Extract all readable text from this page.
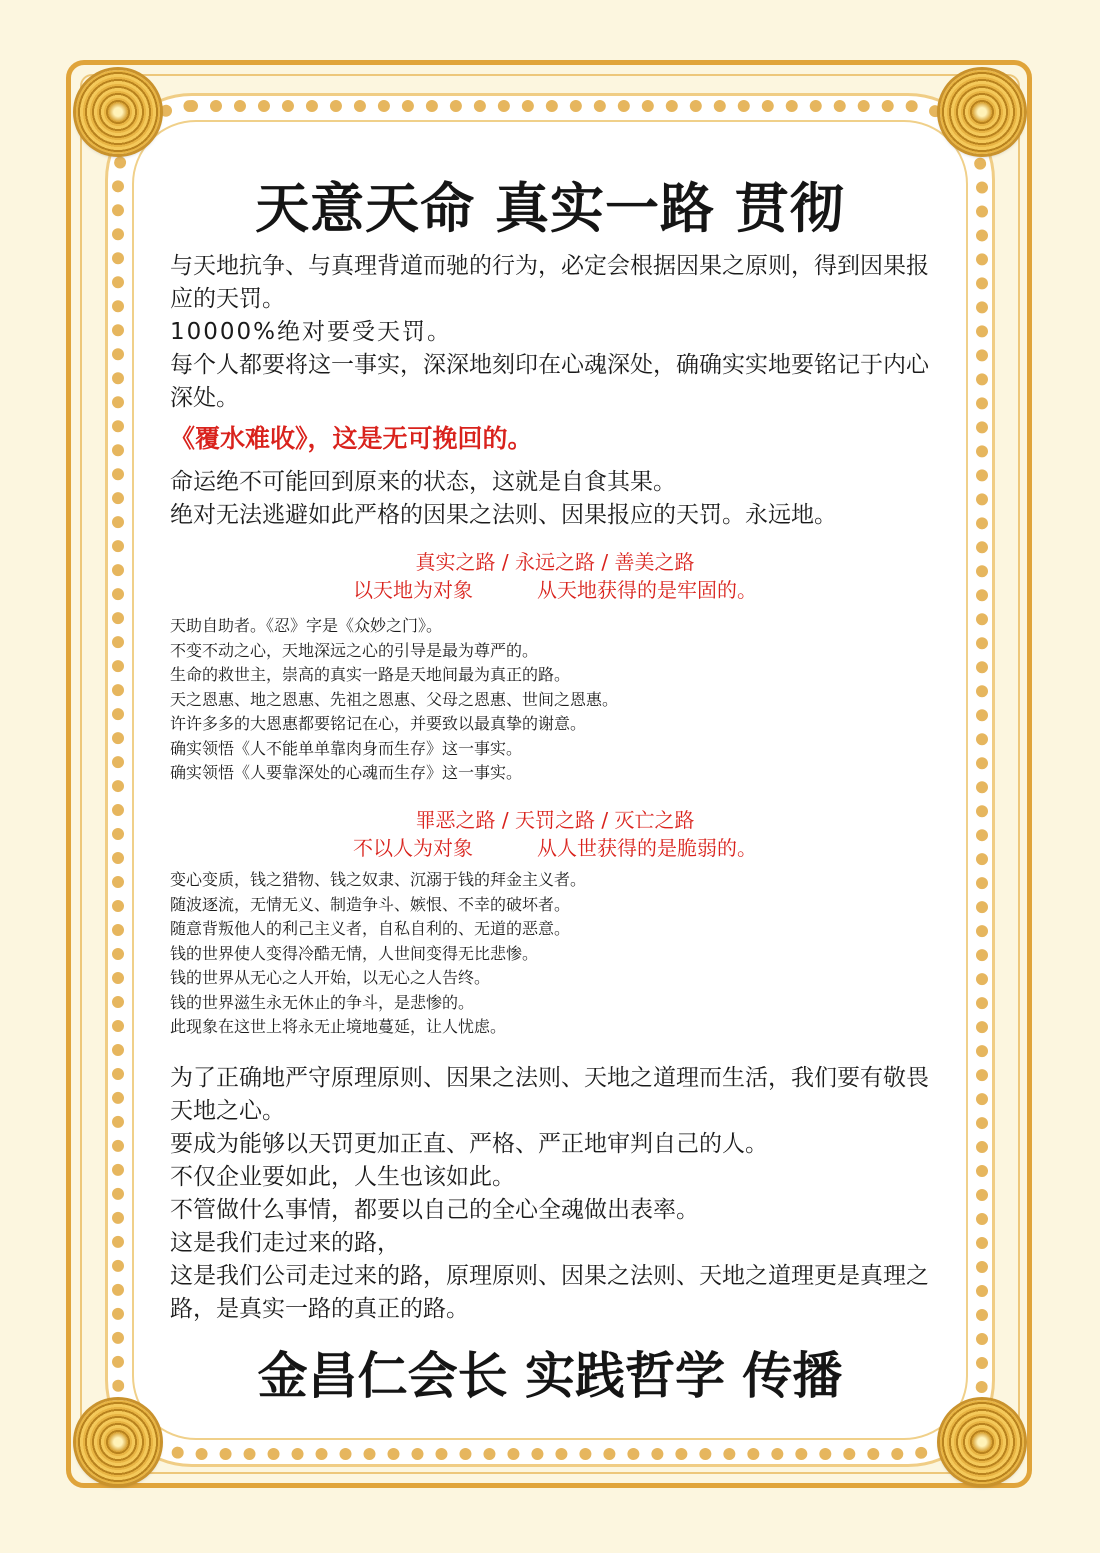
天意天命 真实一路 贯彻

与天地抗争、与真理背道而驰的行为，必定会根据因果之原则，得到因果报应的天罚。

10000%绝对要受天罚。

每个人都要将这一事实，深深地刻印在心魂深处，确确实实地要铭记于内心深处。

《覆水难收》，这是无可挽回的。

命运绝不可能回到原来的状态，这就是自食其果。

绝对无法逃避如此严格的因果之法则、因果报应的天罚。永远地。

真实之路 / 永远之路 / 善美之路

以天地为对象	从天地获得的是牢固的。

天助自助者。《忍》字是《众妙之门》。

不变不动之心，天地深远之心的引导是最为尊严的。

生命的救世主，崇高的真实一路是天地间最为真正的路。

天之恩惠、地之恩惠、先祖之恩惠、父母之恩惠、世间之恩惠。

许许多多的大恩惠都要铭记在心，并要致以最真挚的谢意。

确实领悟《人不能单单靠肉身而生存》这一事实。

确实领悟《人要靠深处的心魂而生存》这一事实。

罪恶之路 / 天罚之路 / 灭亡之路

不以人为对象	从人世获得的是脆弱的。

变心变质，钱之猎物、钱之奴隶、沉溺于钱的拜金主义者。

随波逐流，无情无义、制造争斗、嫉恨、不幸的破坏者。

随意背叛他人的利己主义者，自私自利的、无道的恶意。

钱的世界使人变得冷酷无情，人世间变得无比悲惨。

钱的世界从无心之人开始，以无心之人告终。

钱的世界滋生永无休止的争斗，是悲惨的。

此现象在这世上将永无止境地蔓延，让人忧虑。

为了正确地严守原理原则、因果之法则、天地之道理而生活，我们要有敬畏天地之心。

要成为能够以天罚更加正直、严格、严正地审判自己的人。

不仅企业要如此，人生也该如此。

不管做什么事情，都要以自己的全心全魂做出表率。

这是我们走过来的路，

这是我们公司走过来的路，原理原则、因果之法则、天地之道理更是真理之路，是真实一路的真正的路。

金昌仁会长 实践哲学 传播
